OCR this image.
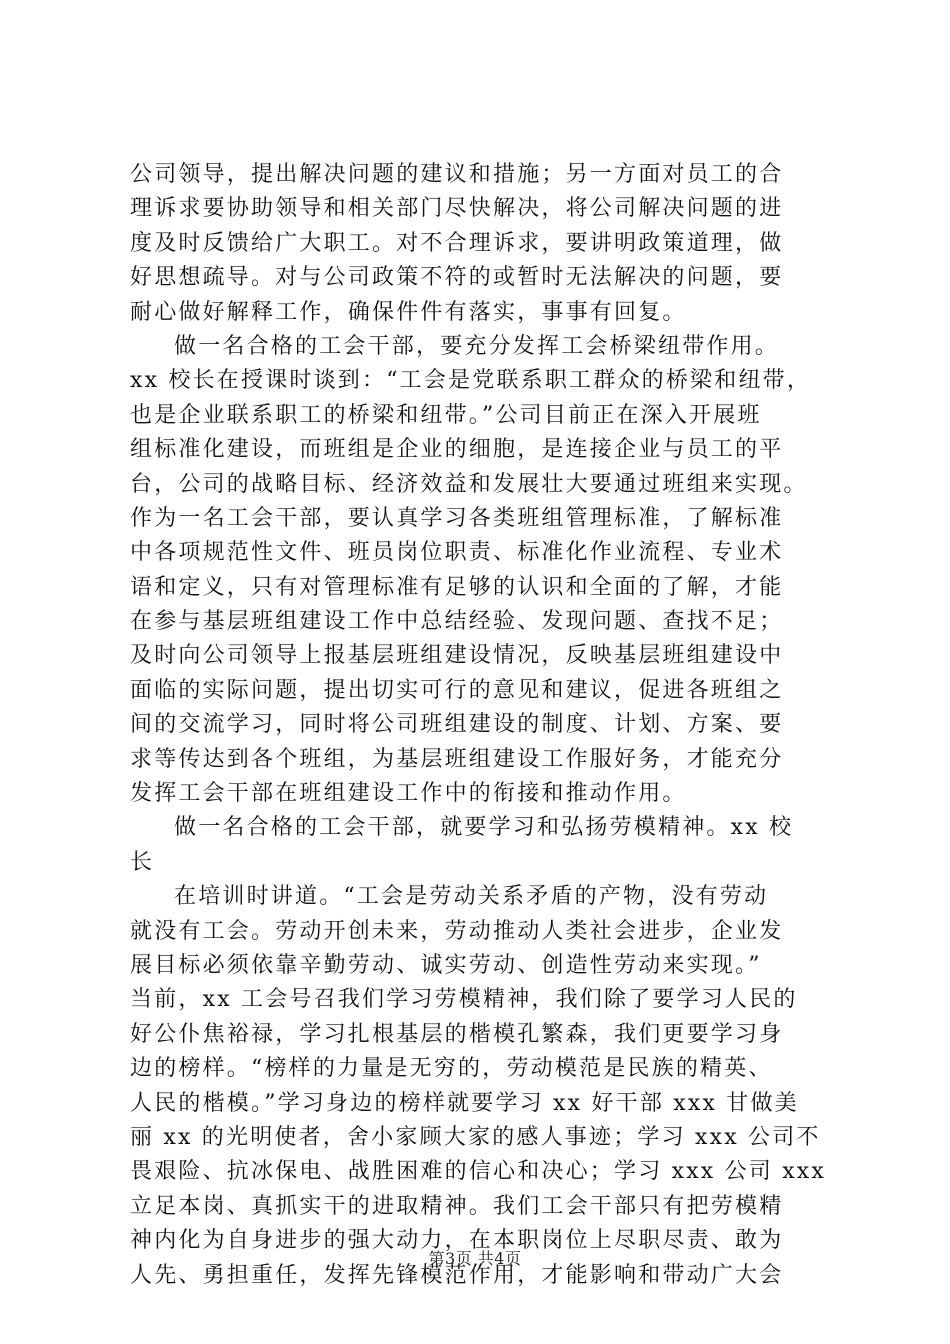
公司领导，提出解决问题的建议和措施；另一方面对员工的合
理诉求要协助领导和相关部门尽快解决，将公司解决问题的进
度及时反馈给广大职工。对不合理诉求，要讲明政策道理，做
好思想疏导。对与公司政策不符的或暂时无法解决的问题，要
耐心做好解释工作，确保件件有落实，事事有回复。
做一名合格的工会干部，要充分发挥工会桥梁纽带作用。
xx 校长在授课时谈到：“工会是党联系职工群众的桥梁和纽带，
也是企业联系职工的桥梁和纽带。”公司目前正在深入开展班
组标准化建设，而班组是企业的细胞，是连接企业与员工的平
台，公司的战略目标、经济效益和发展壮大要通过班组来实现。
作为一名工会干部，要认真学习各类班组管理标准，了解标准
中各项规范性文件、班员岗位职责、标准化作业流程、专业术
语和定义，只有对管理标准有足够的认识和全面的了解，才能
在参与基层班组建设工作中总结经验、发现问题、查找不足；
及时向公司领导上报基层班组建设情况，反映基层班组建设中
面临的实际问题，提出切实可行的意见和建议，促进各班组之
间的交流学习，同时将公司班组建设的制度、计划、方案、要
求等传达到各个班组，为基层班组建设工作服好务，才能充分
发挥工会干部在班组建设工作中的衔接和推动作用。
做一名合格的工会干部，就要学习和弘扬劳模精神。xx 校
长
在培训时讲道。“工会是劳动关系矛盾的产物，没有劳动
就没有工会。劳动开创未来，劳动推动人类社会进步，企业发
展目标必须依靠辛勤劳动、诚实劳动、创造性劳动来实现。”
当前，xx 工会号召我们学习劳模精神，我们除了要学习人民的
好公仆焦裕禄，学习扎根基层的楷模孔繁森，我们更要学习身
边的榜样。“榜样的力量是无穷的，劳动模范是民族的精英、
人民的楷模。”学习身边的榜样就要学习 xx 好干部 xxx 甘做美
丽 xx 的光明使者，舍小家顾大家的感人事迹；学习 xxx 公司不
畏艰险、抗冰保电、战胜困难的信心和决心；学习 xxx 公司 xxx
立足本岗、真抓实干的进取精神。我们工会干部只有把劳模精
神内化为自身进步的强大动力，在本职岗位上尽职尽责、敢为
人先、勇担重任，发挥先锋模范作用，才能影响和带动广大会
第3页 共4页
